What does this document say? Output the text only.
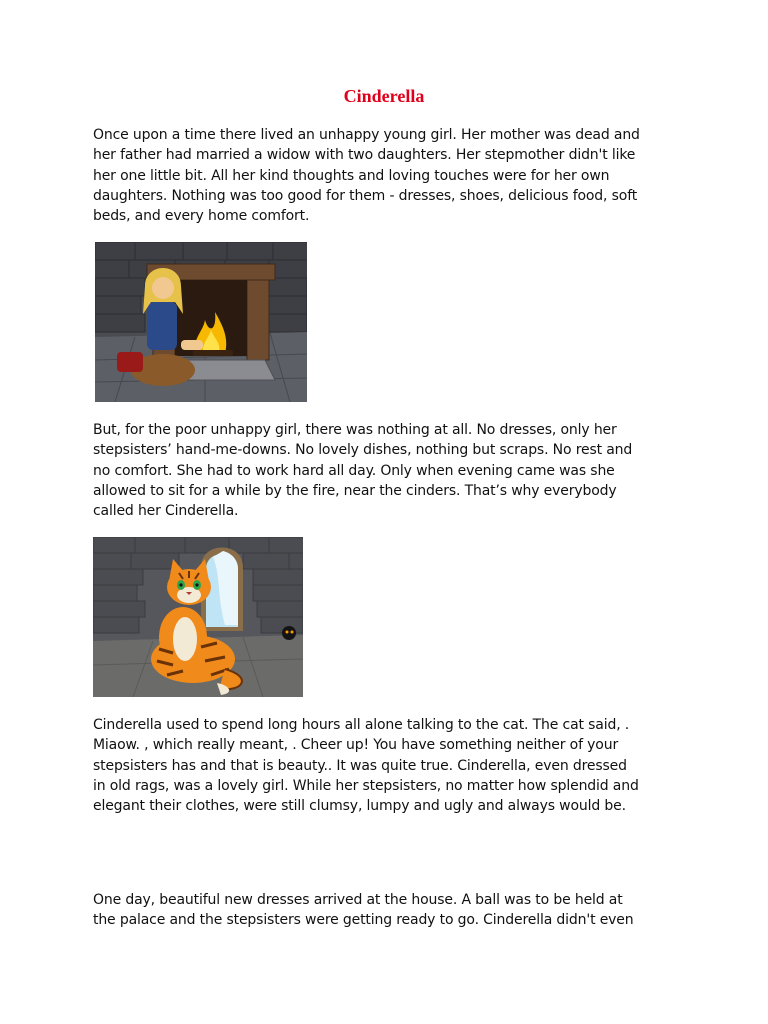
Cinderella

Once upon a time there lived an unhappy young girl. Her mother was dead and
her father had married a widow with two daughters. Her stepmother didn't like
her one little bit. All her kind thoughts and loving touches were for her own
daughters. Nothing was too good for them - dresses, shoes, delicious food, soft
beds, and every home comfort.

But, for the poor unhappy girl, there was nothing at all. No dresses, only her
stepsisters’ hand-me-downs. No lovely dishes, nothing but scraps. No rest and
no comfort. She had to work hard all day. Only when evening came was she
allowed to sit for a while by the fire, near the cinders. That’s why everybody
called her Cinderella.

Cinderella used to spend long hours all alone talking to the cat. The cat said, .
Miaow. , which really meant, . Cheer up! You have something neither of your
stepsisters has and that is beauty.. It was quite true. Cinderella, even dressed
in old rags, was a lovely girl. While her stepsisters, no matter how splendid and
elegant their clothes, were still clumsy, lumpy and ugly and always would be.

One day, beautiful new dresses arrived at the house. A ball was to be held at
the palace and the stepsisters were getting ready to go. Cinderella didn't even
